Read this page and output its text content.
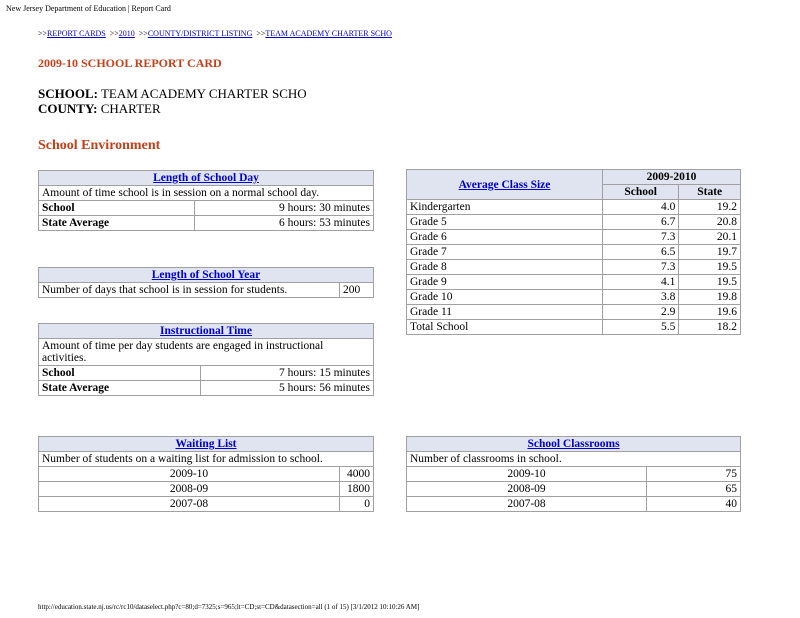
New Jersey Department of Education | Report Card
>>REPORT CARDS >>2010 >>COUNTY/DISTRICT LISTING >>TEAM ACADEMY CHARTER SCHO
2009-10 SCHOOL REPORT CARD
SCHOOL: TEAM ACADEMY CHARTER SCHO
COUNTY: CHARTER
School Environment
Length of School Day	
Amount of time school is in session on a normal school day.	
School	9 hours: 30 minutes
State Average	6 hours: 53 minutes
Length of School Year
Number of days that school is in session for students.	200
Instructional Time	
Amount of time per day students are engaged in instructional activities.	
School	7 hours: 15 minutes
State Average	5 hours: 56 minutes
Average Class Size	2009-2010	
	School	State
Kindergarten	4.0	19.2
Grade 5	6.7	20.8
Grade 6	7.3	20.1
Grade 7	6.5	19.7
Grade 8	7.3	19.5
Grade 9	4.1	19.5
Grade 10	3.8	19.8
Grade 11	2.9	19.6
Total School	5.5	18.2
Waiting List	
Number of students on a waiting list for admission to school.	
2009-10	4000
2008-09	1800
2007-08	0
School Classrooms	
Number of classrooms in school.	
2009-10	75
2008-09	65
2007-08	40
http://education.state.nj.us/rc/rc10/dataselect.php?c=80;d=7325;s=965;lt=CD;st=CD&datasection=all (1 of 15) [3/1/2012 10:10:26 AM]
